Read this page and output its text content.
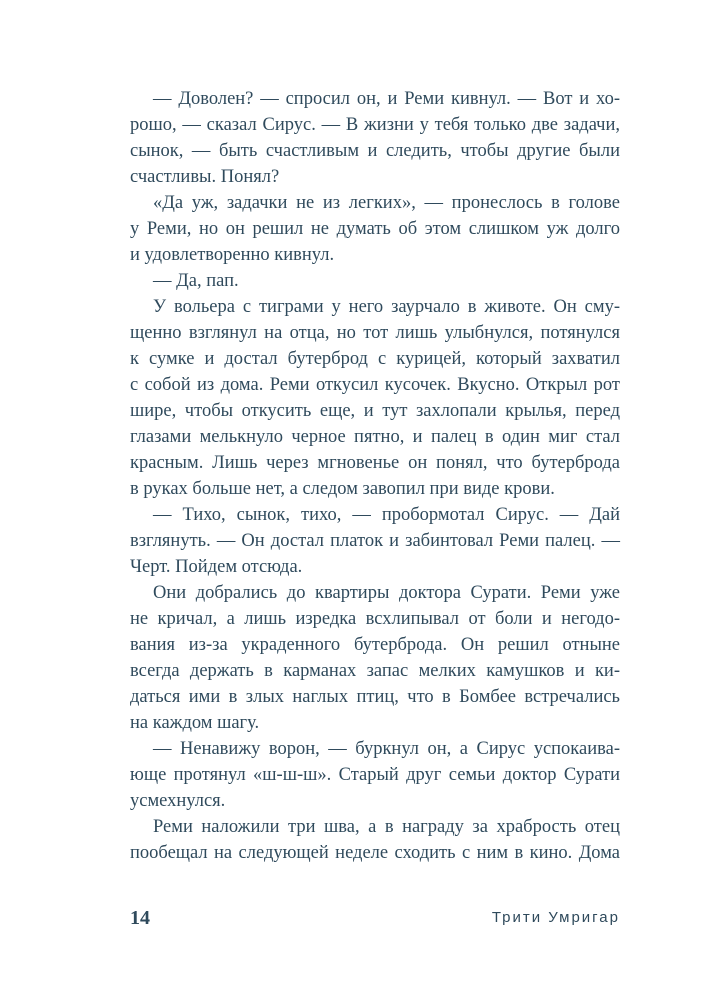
— Доволен? — спросил он, и Реми кивнул. — Вот и хо-
рошо, — сказал Сирус. — В жизни у тебя только две задачи,
сынок, — быть счастливым и следить, чтобы другие были
счастливы. Понял?
«Да уж, задачки не из легких», — пронеслось в голове
у Реми, но он решил не думать об этом слишком уж долго
и удовлетворенно кивнул.
— Да, пап.
У вольера с тиграми у него заурчало в животе. Он сму-
щенно взглянул на отца, но тот лишь улыбнулся, потянулся
к сумке и достал бутерброд с курицей, который захватил
с собой из дома. Реми откусил кусочек. Вкусно. Открыл рот
шире, чтобы откусить еще, и тут захлопали крылья, перед
глазами мелькнуло черное пятно, и палец в один миг стал
красным. Лишь через мгновенье он понял, что бутерброда
в руках больше нет, а следом завопил при виде крови.
— Тихо, сынок, тихо, — пробормотал Сирус. — Дай
взглянуть. — Он достал платок и забинтовал Реми палец. —
Черт. Пойдем отсюда.
Они добрались до квартиры доктора Сурати. Реми уже
не кричал, а лишь изредка всхлипывал от боли и негодо-
вания из-за украденного бутерброда. Он решил отныне
всегда держать в карманах запас мелких камушков и ки-
даться ими в злых наглых птиц, что в Бомбее встречались
на каждом шагу.
— Ненавижу ворон, — буркнул он, а Сирус успокаива-
юще протянул «ш-ш-ш». Старый друг семьи доктор Сурати
усмехнулся.
Реми наложили три шва, а в награду за храбрость отец
пообещал на следующей неделе сходить с ним в кино. Дома
14	Трити Умригар
